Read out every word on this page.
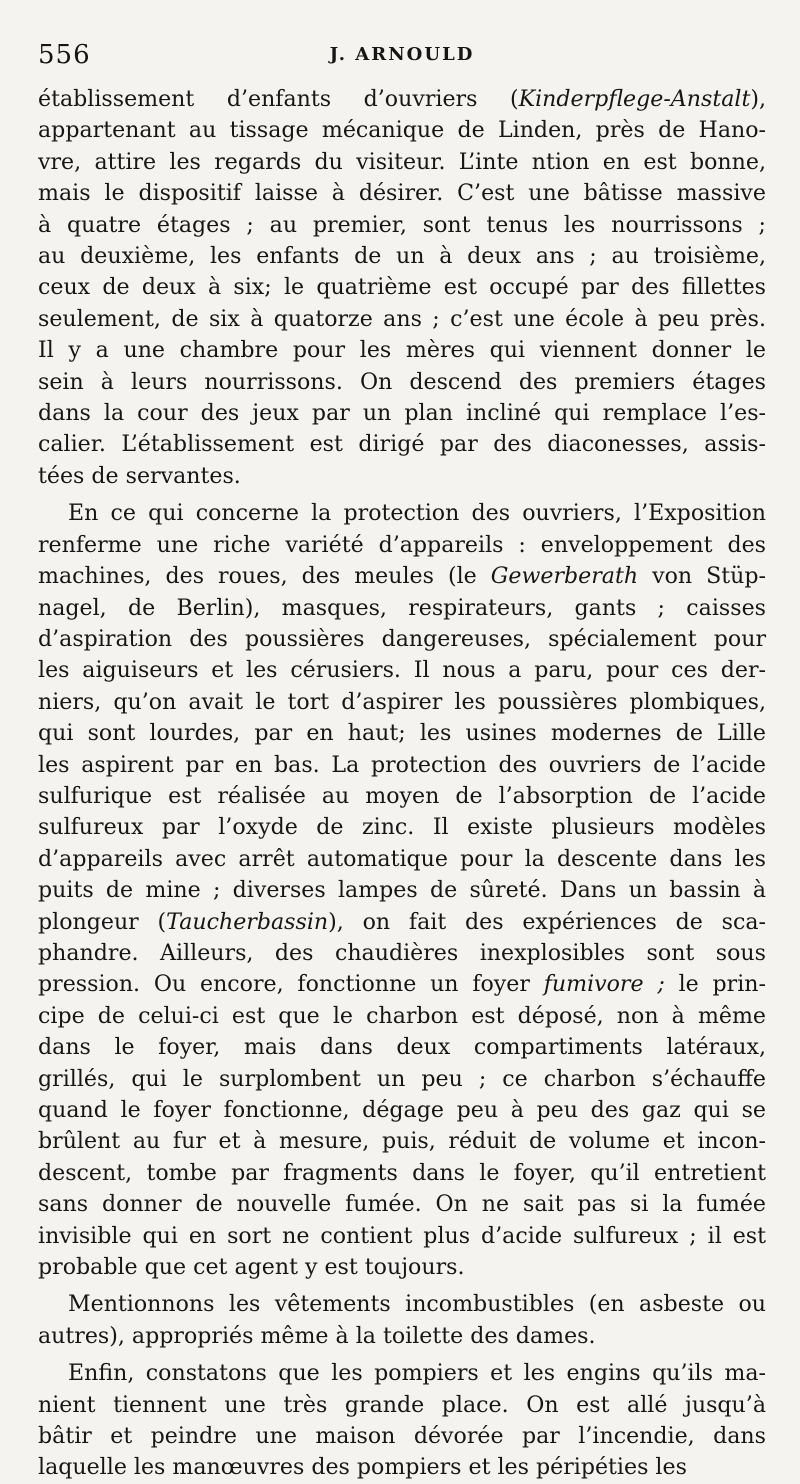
556	J. ARNOULD
établissement d’enfants d’ouvriers (Kinderpflege-Anstalt),
appartenant au tissage mécanique de Linden, près de Hano-
vre, attire les regards du visiteur. L’inte ntion en est bonne,
mais le dispositif laisse à désirer. C’est une bâtisse massive
à quatre étages ; au premier, sont tenus les nourrissons ;
au deuxième, les enfants de un à deux ans ; au troisième,
ceux de deux à six; le quatrième est occupé par des fillettes
seulement, de six à quatorze ans ; c’est une école à peu près.
Il y a une chambre pour les mères qui viennent donner le
sein à leurs nourrissons. On descend des premiers étages
dans la cour des jeux par un plan incliné qui remplace l’es-
calier. L’établissement est dirigé par des diaconesses, assis-
tées de servantes.
En ce qui concerne la protection des ouvriers, l’Exposition
renferme une riche variété d’appareils : enveloppement des
machines, des roues, des meules (le Gewerberath von Stüp-
nagel, de Berlin), masques, respirateurs, gants ; caisses
d’aspiration des poussières dangereuses, spécialement pour
les aiguiseurs et les cérusiers. Il nous a paru, pour ces der-
niers, qu’on avait le tort d’aspirer les poussières plombiques,
qui sont lourdes, par en haut; les usines modernes de Lille
les aspirent par en bas. La protection des ouvriers de l’acide
sulfurique est réalisée au moyen de l’absorption de l’acide
sulfureux par l’oxyde de zinc. Il existe plusieurs modèles
d’appareils avec arrêt automatique pour la descente dans les
puits de mine ; diverses lampes de sûreté. Dans un bassin à
plongeur (Taucherbassin), on fait des expériences de sca-
phandre. Ailleurs, des chaudières inexplosibles sont sous
pression. Ou encore, fonctionne un foyer fumivore ; le prin-
cipe de celui-ci est que le charbon est déposé, non à même
dans le foyer, mais dans deux compartiments latéraux,
grillés, qui le surplombent un peu ; ce charbon s’échauffe
quand le foyer fonctionne, dégage peu à peu des gaz qui se
brûlent au fur et à mesure, puis, réduit de volume et incon-
descent, tombe par fragments dans le foyer, qu’il entretient
sans donner de nouvelle fumée. On ne sait pas si la fumée
invisible qui en sort ne contient plus d’acide sulfureux ; il est
probable que cet agent y est toujours.
Mentionnons les vêtements incombustibles (en asbeste ou
autres), appropriés même à la toilette des dames.
Enfin, constatons que les pompiers et les engins qu’ils ma-
nient tiennent une très grande place. On est allé jusqu’à
bâtir et peindre une maison dévorée par l’incendie, dans
laquelle les manœuvres des pompiers et les péripéties les
